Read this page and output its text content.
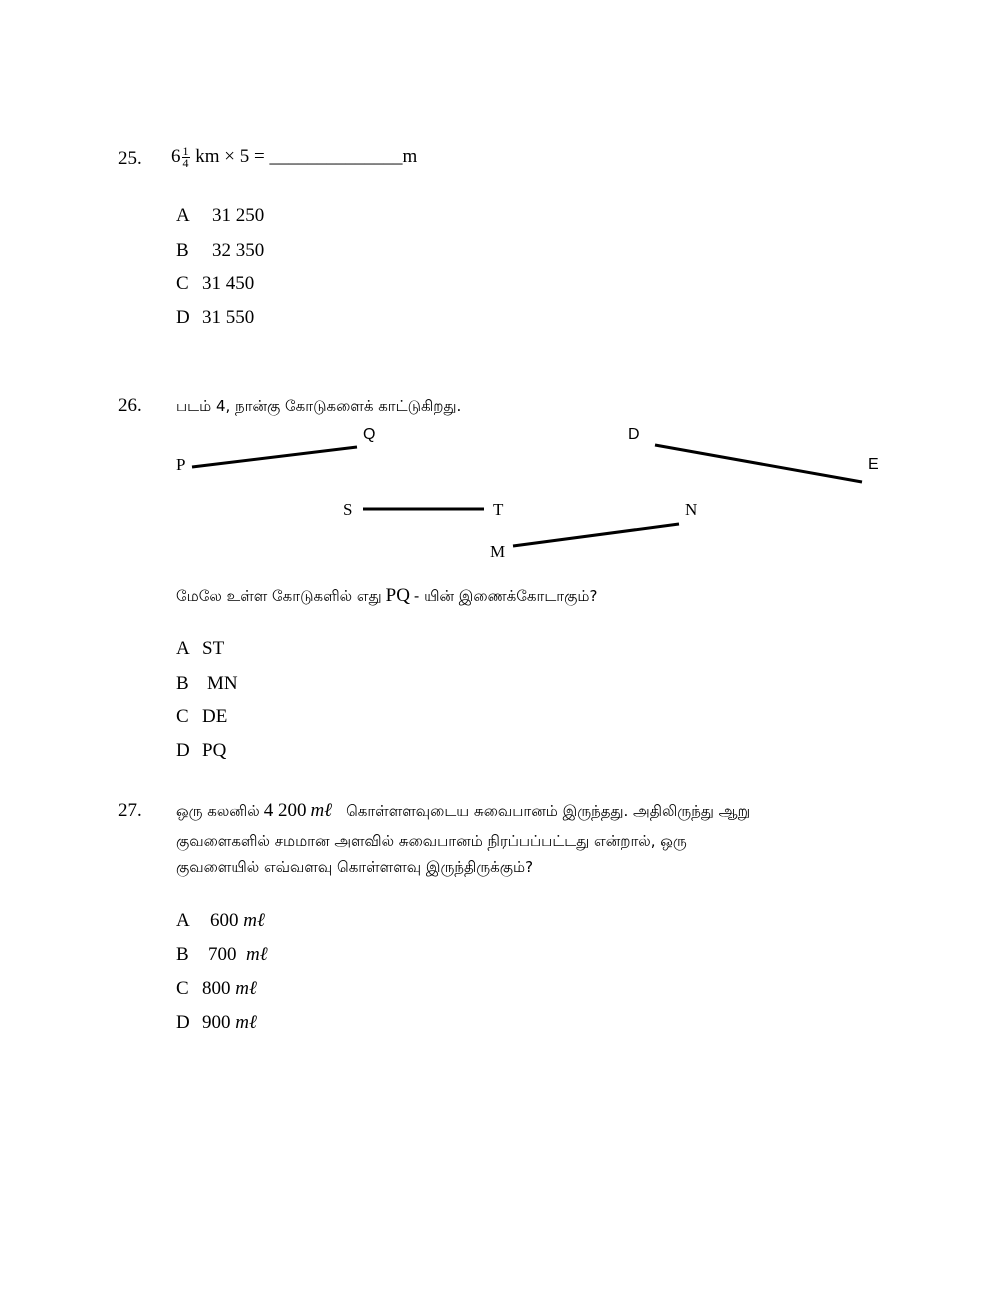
25. $6 \frac{1}{4}$ km × 5 = ______________m
A 31 250
B 32 350
C 31 450
D 31 550
26. படம் 4, நான்கு கோடுகளைக் காட்டுகிறது.
P
Q	D
E
S	T	N
M
மேலே உள்ள கோடுகளில் எது PQ - யின் இணைக்கோடாகும்?
A ST
B MN
C DE
D PQ
27. ஒரு கலனில் 4 200 mℓ கொள்ளளவுடைய சுவைபானம் இருந்தது. அதிலிருந்து ஆறு
குவளைகளில் சமமான அளவில் சுவைபானம் நிரப்பப்பட்டது என்றால், ஒரு
குவளையில் எவ்வளவு கொள்ளளவு இருந்திருக்கும்?
A 600 mℓ
B 700 mℓ
C 800 mℓ
D 900 mℓ
